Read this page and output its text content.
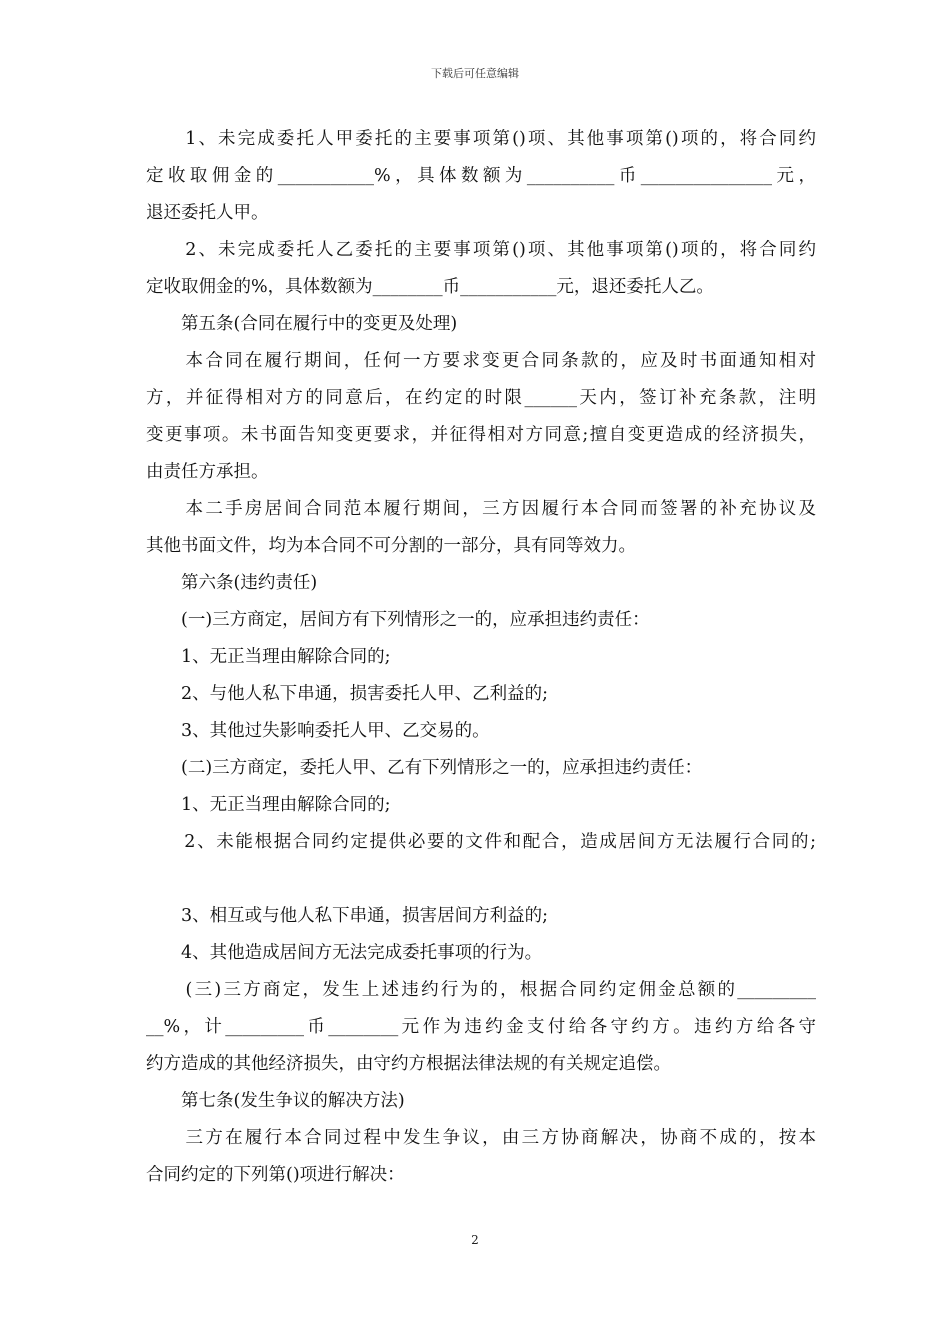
下载后可任意编辑
　　1、未完成委托人甲委托的主要事项第()项、其他事项第()项的，将合同约
定收取佣金的___________%，具体数额为__________币_______________元，
退还委托人甲。
　　2、未完成委托人乙委托的主要事项第()项、其他事项第()项的，将合同约
定收取佣金的%，具体数额为________币___________元，退还委托人乙。
　　第五条(合同在履行中的变更及处理)
　　本合同在履行期间，任何一方要求变更合同条款的，应及时书面通知相对
方，并征得相对方的同意后，在约定的时限______天内，签订补充条款，注明
变更事项。未书面告知变更要求，并征得相对方同意;擅自变更造成的经济损失，
由责任方承担。
　　本二手房居间合同范本履行期间，三方因履行本合同而签署的补充协议及
其他书面文件，均为本合同不可分割的一部分，具有同等效力。
　　第六条(违约责任)
　　(一)三方商定，居间方有下列情形之一的，应承担违约责任：
　　1、无正当理由解除合同的;
　　2、与他人私下串通，损害委托人甲、乙利益的;
　　3、其他过失影响委托人甲、乙交易的。
　　(二)三方商定，委托人甲、乙有下列情形之一的，应承担违约责任：
　　1、无正当理由解除合同的;
　　2、未能根据合同约定提供必要的文件和配合，造成居间方无法履行合同的;
　　3、相互或与他人私下串通，损害居间方利益的;
　　4、其他造成居间方无法完成委托事项的行为。
　　(三)三方商定，发生上述违约行为的，根据合同约定佣金总额的_________
__%，计_________币________元作为违约金支付给各守约方。违约方给各守
约方造成的其他经济损失，由守约方根据法律法规的有关规定追偿。
　　第七条(发生争议的解决方法)
　　三方在履行本合同过程中发生争议，由三方协商解决，协商不成的，按本
合同约定的下列第()项进行解决：
2
